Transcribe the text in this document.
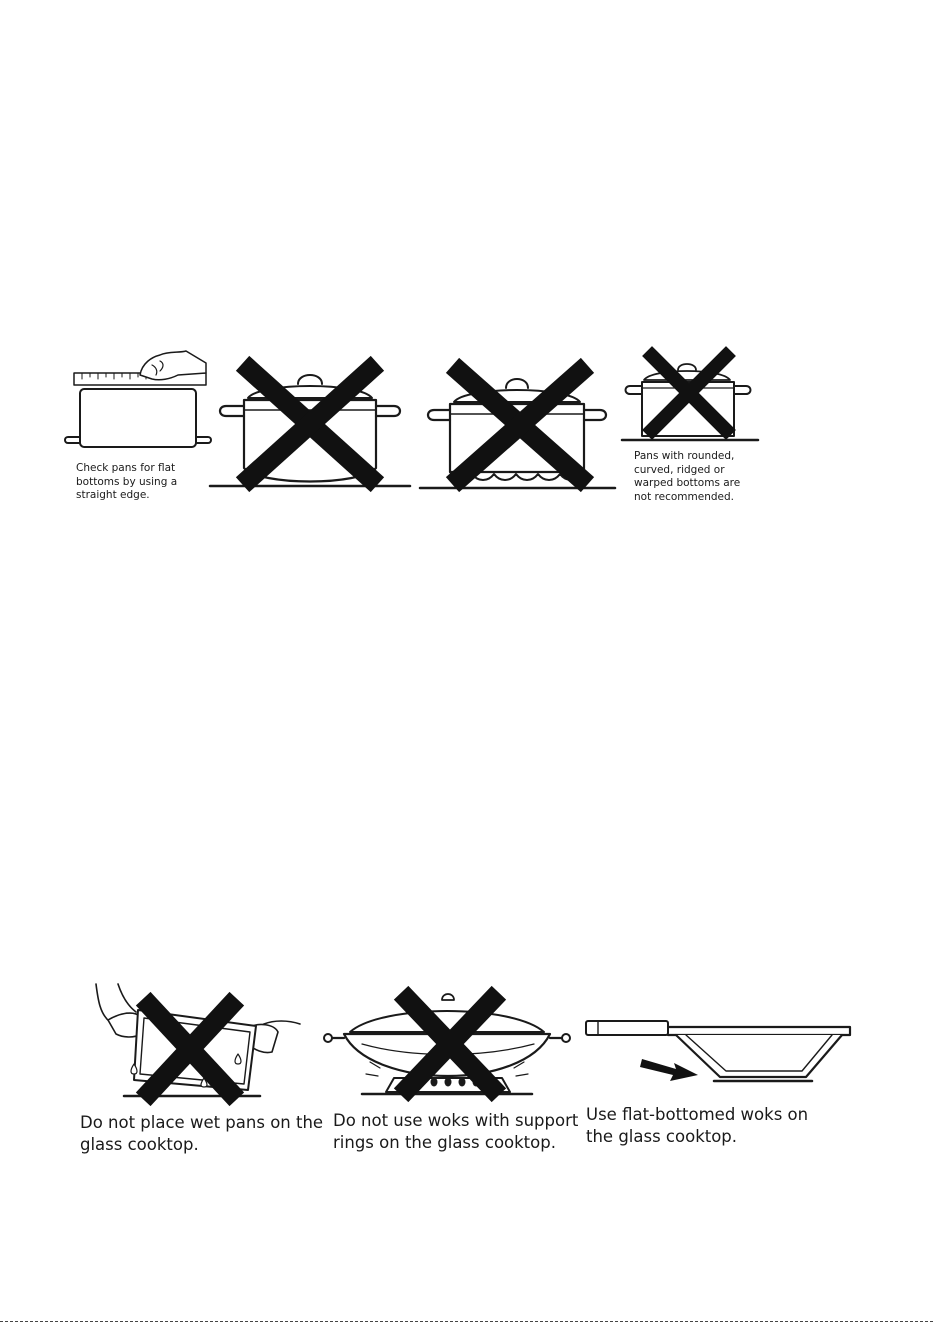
Check pans for flat
bottoms by using a
straight edge.

Pans with rounded,
curved, ridged or
warped bottoms are
not recommended.

Do not place wet pans on the
glass cooktop.

Do not use woks with support
rings on the glass cooktop.

Use flat-bottomed woks on
the glass cooktop.
